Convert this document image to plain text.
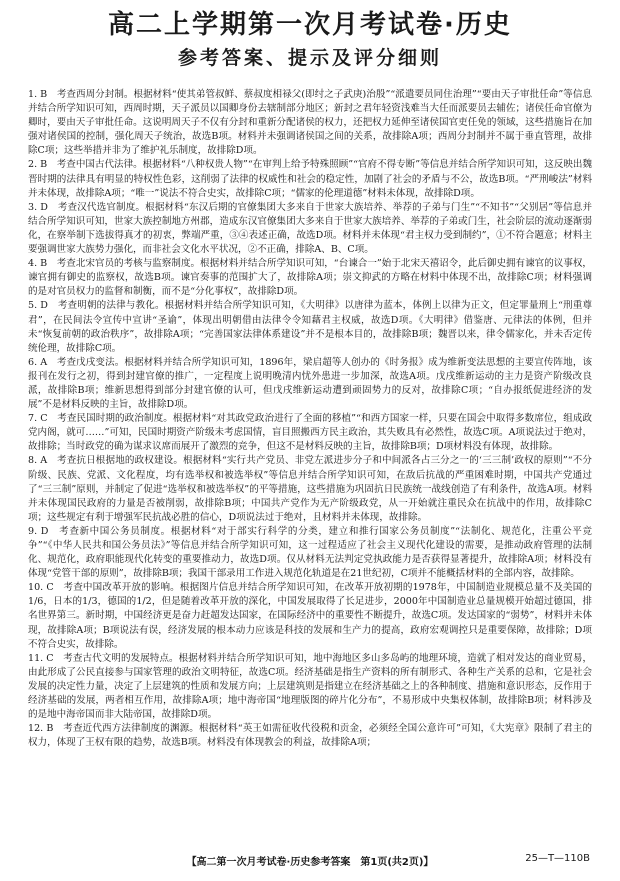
高二上学期第一次月考试卷·历史
参考答案、提示及评分细则

1. B　 考查西周分封制。根据材料“使其弟管叔鲜、蔡叔度相禄父(即纣之子武庚)治殷”“派遣要员同住治理”“要由天子审批任命”等信息并结合所学知识可知，西周时期，天子派员以国卿身份去辖制部分地区；新封之君年轻资浅难当大任而派要员去辅佐；诸侯任命官僚为卿时，要由天子审批任命。这说明周天子不仅有分封和重新分配诸侯的权力，还把权力延伸至诸侯国官吏任免的领域，这些措施旨在加强对诸侯国的控制，强化周天子统治，故选B项。材料并未强调诸侯国之间的关系，故排除A项；西周分封制并不属于垂直管理，故排除C项；这些举措并非为了维护礼乐制度，故排除D项。

2. B　 考查中国古代法律。根据材料“八种权贵人物”“在审判上给予特殊照顾”“官府不得专断”等信息并结合所学知识可知，这反映出魏晋时期的法律具有明显的特权性色彩，这削弱了法律的权威性和社会的稳定性，加剧了社会的矛盾与不公，故选B项。“严刑峻法”材料并未体现，故排除A项；“唯一”说法不符合史实，故排除C项；“儒家的伦理道德”材料未体现，故排除D项。

3. D　 考查汉代选官制度。根据材料“东汉后期的官僚集团大多来自于世家大族培养、举荐的子弟与门生”“不知书”“父别居”等信息并结合所学知识可知，世家大族控制地方州郡，造成东汉官僚集团大多来自于世家大族培养、举荐的子弟或门生，社会阶层的流动逐渐弱化，在察举制下选拔得真才的初衷，弊端严重，③④表述正确，故选D项。材料并未体现“君主权力受到制约”，①不符合题意；材料主要强调世家大族势力强化，而非社会文化水平状况，②不正确，排除A、B、C项。

4. B　 考查北宋官员的考核与监察制度。根据材料并结合所学知识可知，“台谏合一”始于北宋天禧诏令，此后御史拥有谏官的议事权，谏官拥有御史的监察权，故选B项。谏官奏事的范围扩大了，故排除A项；崇文抑武的方略在材料中体现不出，故排除C项；材料强调的是对官员权力的监督和制衡，而不是“分化事权”，故排除D项。

5. D　 考查明朝的法律与教化。根据材料并结合所学知识可知，《大明律》以唐律为蓝本，体例上以律为正文，但定罪量刑上“刑重尊君”，在民间法令宣传中宣讲“圣谕”，体现出明朝借由法律令令知藉君主权威，故选D项。《大明律》借鉴唐、元律法的体例，但并未“恢复前朝的政治秩序”，故排除A项；“完善国家法律体系建设”并不是根本目的，故排除B项；魏晋以来，律令儒家化，并未否定传统伦理，故排除C项。

6. A　 考查戊戌变法。根据材料并结合所学知识可知，1896年，梁启超等人创办的《时务报》成为维新变法思想的主要宣传阵地，该报刊在发行之初，得到封建官僚的推广，一定程度上说明晚清内忧外患进一步加深，故选A项。戊戌维新运动的主力是资产阶级改良派，故排除B项；维新思想得到部分封建官僚的认可，但戊戌维新运动遭到顽固势力的反对，故排除C项；“自办报纸促进经济的发展”不是材料反映的主旨，故排除D项。

7. C　 考查民国时期的政治制度。根据材料“对其政党政治进行了全面的移植”“和西方国家一样，只要在国会中取得多数席位，组成政党内阁，就可……”可知，民国时期资产阶级未考虑国情，盲目照搬西方民主政治，其失败具有必然性，故选C项。A项说法过于绝对，故排除；当时政党的确为谋求议席而展开了激烈的竞争，但这不是材料反映的主旨，故排除B项；D项材料没有体现，故排除。

8. A　 考查抗日根据地的政权建设。根据材料“实行共产党员、非党左派进步分子和中间派各占三分之一的‘三三制’政权的原则”“不分阶级、民族、党派、文化程度，均有选举权和被选举权”等信息并结合所学知识可知，在敌后抗战的严重困难时期，中国共产党通过了“三三制”原则，并制定了促进“选举权和被选举权”的平等措施，这些措施为巩固抗日民族统一战线创造了有利条件，故选A项。材料并未体现国民政府的力量是否被削弱，故排除B项；中国共产党作为无产阶级政党，从一开始就注重民众在抗战中的作用，故排除C项；这些规定有利于增强军民抗战必胜的信心，D项说法过于绝对，且材料并未体现，故排除。

9. D　 考查新中国公务员制度。根据材料“对于部实行科学的分类，建立和推行国家公务员制度”“法制化、规范化，注重公平竞争”“《中华人民共和国公务员法》”等信息并结合所学知识可知，这一过程适应了社会主义现代化建设的需要，是推动政府管理的法制化、规范化，政府职能现代化转变的重要推动力，故选D项。仅从材料无法判定党执政能力是否获得显著提升，故排除A项；材料没有体现“党管干部的原则”，故排除B项；我国干部录用工作进入规范化轨道是在21世纪初，C项并不能概括材料的全部内容，故排除。

10. C　 考查中国改革开放的影响。根据图片信息并结合所学知识可知，在改革开放初期的1978年，中国制造业规模总量不及美国的1/6，日本的1/3，德国的1/2，但是随着改革开放的深化，中国发展取得了长足进步，2000年中国制造业总量规模开始超过德国，排名世界第三。新时期，中国经济更是奋力赶超发达国家，在国际经济中的重要性不断提升，故选C项。发达国家的“弱势”，材料并未体现，故排除A项；B项说法有误，经济发展的根本动力应该是科技的发展和生产力的提高，政府宏观调控只是重要保障，故排除；D项不符合史实，故排除。

11. C　 考查古代文明的发展特点。根据材料并结合所学知识可知，地中海地区多山多岛屿的地理环境，造就了相对发达的商业贸易，由此形成了公民直接参与国家管理的政治文明特征，故选C项。经济基础是指生产资料的所有制形式、各种生产关系的总和，它是社会发展的决定性力量，决定了上层建筑的性质和发展方向；上层建筑则是指建立在经济基础之上的各种制度、措施和意识形态，反作用于经济基础的发展，两者相互作用，故排除A项；地中海帝国“地理版图的碎片化分布”，不易形成中央集权体制，故排除B项；材料涉及的是地中海帝国而非大陆帝国，故排除D项。

12. B　 考查近代西方法律制度的渊源。根据材料“英王如需征收代役税和贡金，必须经全国公意许可”可知，《大宪章》限制了君主的权力，体现了王权有限的趋势，故选B项。材料没有体现教会的利益，故排除A项；

【高二第一次月考试卷·历史参考答案　第1页(共2页)】	25—T—110B
